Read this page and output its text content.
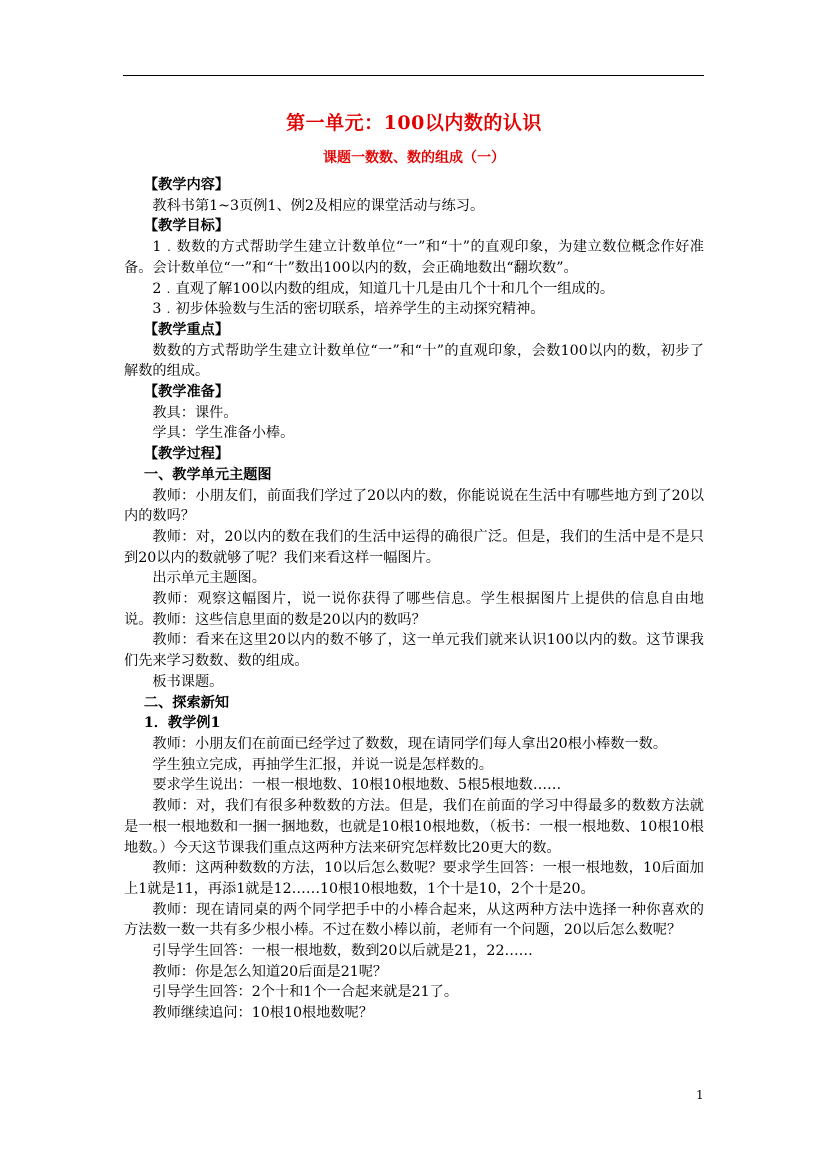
第一单元：100以内数的认识
课题一数数、数的组成（一）
【教学内容】
教科书第1~3页例1、例2及相应的课堂活动与练习。
【教学目标】
1﹒数数的方式帮助学生建立计数单位“一”和“十”的直观印象，为建立数位概念作好准备。会计数单位“一”和“十”数出100以内的数，会正确地数出“翻坎数”。
2﹒直观了解100以内数的组成，知道几十几是由几个十和几个一组成的。
3﹒初步体验数与生活的密切联系，培养学生的主动探究精神。
【教学重点】
数数的方式帮助学生建立计数单位“一”和“十”的直观印象，会数100以内的数，初步了解数的组成。
【教学准备】
教具：课件。
学具：学生准备小棒。
【教学过程】
一、教学单元主题图
教师：小朋友们，前面我们学过了20以内的数，你能说说在生活中有哪些地方到了20以内的数吗？
教师：对，20以内的数在我们的生活中运得的确很广泛。但是，我们的生活中是不是只到20以内的数就够了呢？我们来看这样一幅图片。
出示单元主题图。
教师：观察这幅图片，说一说你获得了哪些信息。学生根据图片上提供的信息自由地说。教师：这些信息里面的数是20以内的数吗？
教师：看来在这里20以内的数不够了，这一单元我们就来认识100以内的数。这节课我们先来学习数数、数的组成。
板书课题。
二、探索新知
1．教学例1
教师：小朋友们在前面已经学过了数数，现在请同学们每人拿出20根小棒数一数。
学生独立完成，再抽学生汇报，并说一说是怎样数的。
要求学生说出：一根一根地数、10根10根地数、5根5根地数……
教师：对，我们有很多种数数的方法。但是，我们在前面的学习中得最多的数数方法就是一根一根地数和一捆一捆地数，也就是10根10根地数，（板书：一根一根地数、10根10根地数。）今天这节课我们重点这两种方法来研究怎样数比20更大的数。
教师：这两种数数的方法，10以后怎么数呢？要求学生回答：一根一根地数，10后面加上1就是11，再添1就是12……10根10根地数，1个十是10，2个十是20。
教师：现在请同桌的两个同学把手中的小棒合起来，从这两种方法中选择一种你喜欢的方法数一数一共有多少根小棒。不过在数小棒以前，老师有一个问题，20以后怎么数呢？
引导学生回答：一根一根地数，数到20以后就是21，22……
教师：你是怎么知道20后面是21呢？
引导学生回答：2个十和1个一合起来就是21了。
教师继续追问：10根10根地数呢？
1
